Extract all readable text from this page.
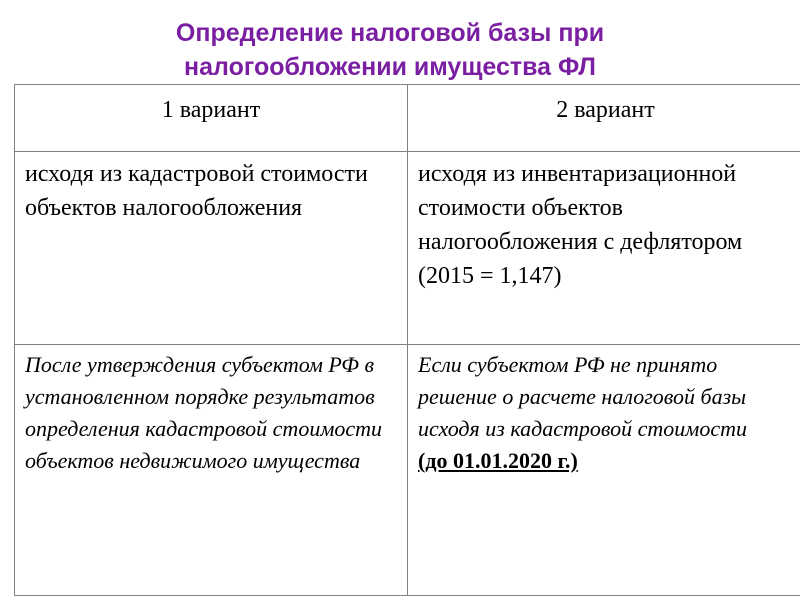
Определение налоговой базы при
налогообложении имущества ФЛ
1 вариант	2 вариант

исходя из кадастровой стоимости объектов налогообложения	исходя из инвентаризационной стоимости объектов налогообложения с дефлятором (2015 = 1,147)

После утверждения субъектом РФ в установленном порядке результатов определения кадастровой стоимости объектов недвижимого имущества	Если субъектом РФ не принято решение о расчете налоговой базы исходя из кадастровой стоимости
(до 01.01.2020 г.)
